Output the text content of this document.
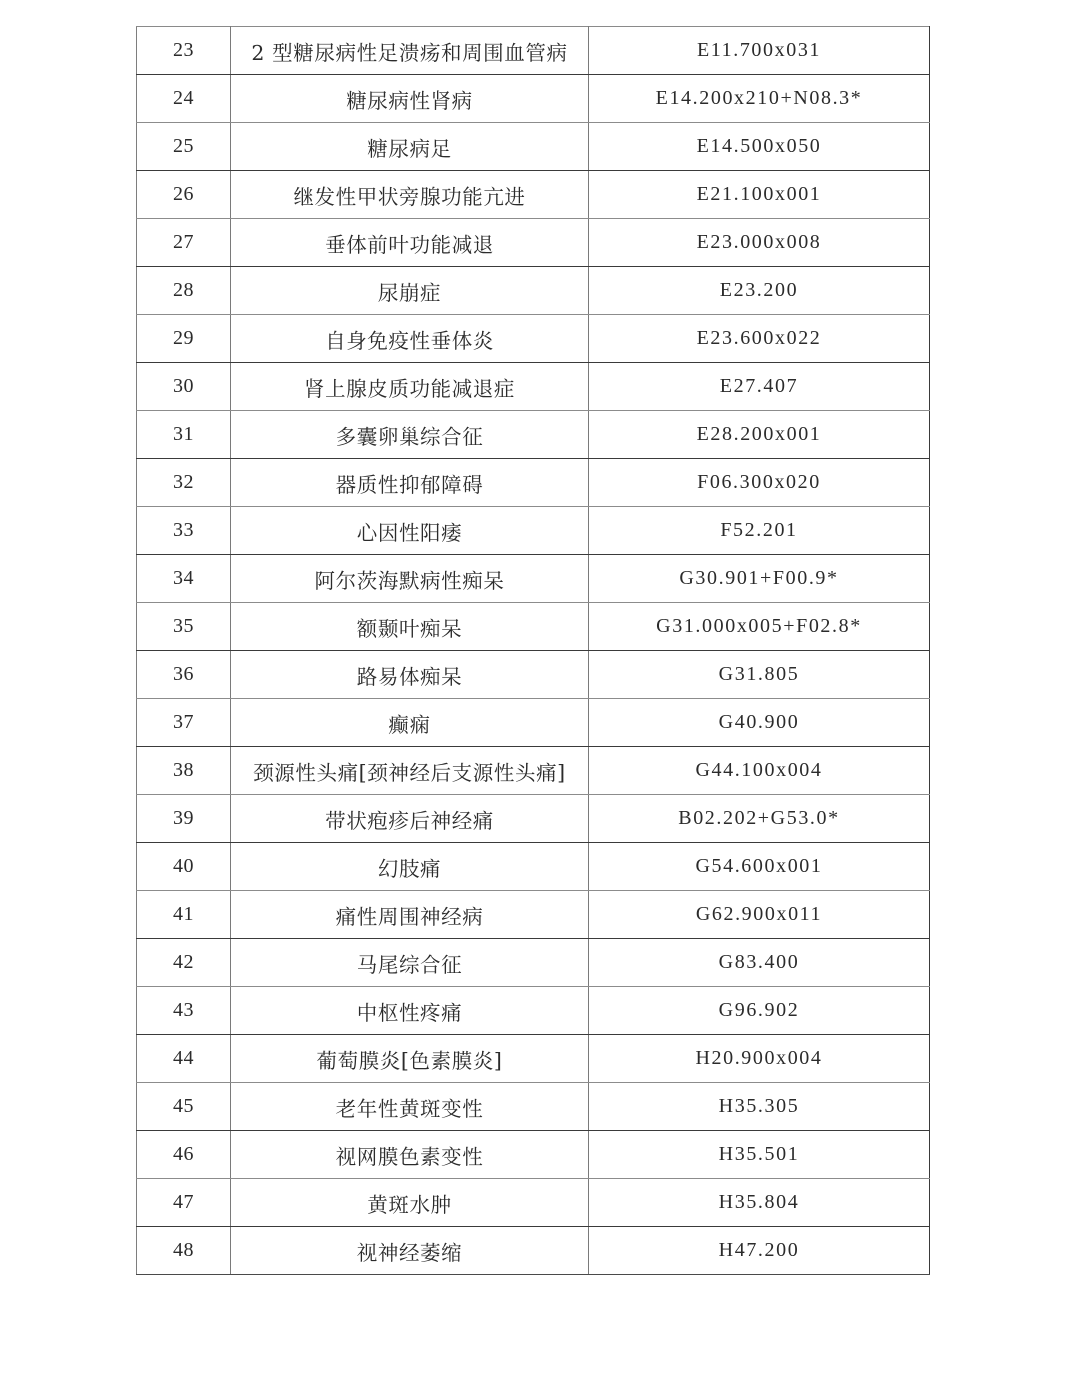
23	2 型糖尿病性足溃疡和周围血管病	E11.700x031
24	糖尿病性肾病	E14.200x210+N08.3*
25	糖尿病足	E14.500x050
26	继发性甲状旁腺功能亢进	E21.100x001
27	垂体前叶功能减退	E23.000x008
28	尿崩症	E23.200
29	自身免疫性垂体炎	E23.600x022
30	肾上腺皮质功能减退症	E27.407
31	多囊卵巢综合征	E28.200x001
32	器质性抑郁障碍	F06.300x020
33	心因性阳痿	F52.201
34	阿尔茨海默病性痴呆	G30.901+F00.9*
35	额颞叶痴呆	G31.000x005+F02.8*
36	路易体痴呆	G31.805
37	癫痫	G40.900
38	颈源性头痛[颈神经后支源性头痛]	G44.100x004
39	带状疱疹后神经痛	B02.202+G53.0*
40	幻肢痛	G54.600x001
41	痛性周围神经病	G62.900x011
42	马尾综合征	G83.400
43	中枢性疼痛	G96.902
44	葡萄膜炎[色素膜炎]	H20.900x004
45	老年性黄斑变性	H35.305
46	视网膜色素变性	H35.501
47	黄斑水肿	H35.804
48	视神经萎缩	H47.200
